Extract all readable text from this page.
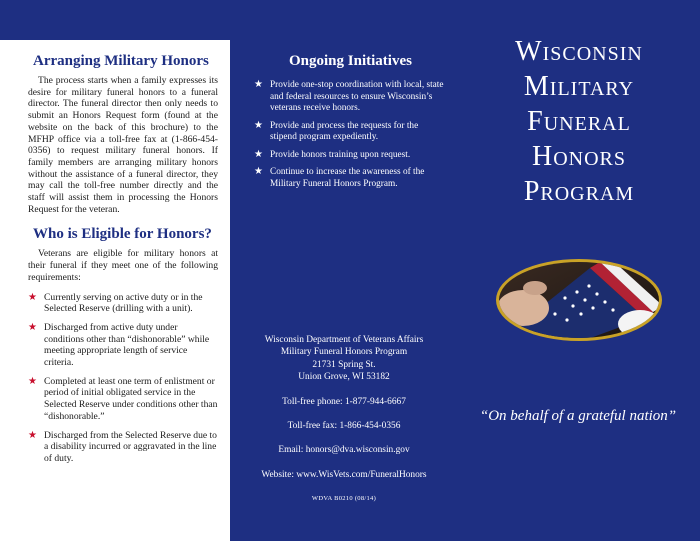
Arranging Military Honors

The process starts when a family expresses its desire for military funeral honors to a funeral director. The funeral director then only needs to submit an Honors Request form (found at the website on the back of this brochure) to the MFHP office via a toll-free fax at (1-866-454-0356) to request military funeral honors. If family members are arranging military honors without the assistance of a funeral director, they may call the toll-free number directly and the staff will assist them in processing the Honors Request for the veteran.

Who is Eligible for Honors?

Veterans are eligible for military honors at their funeral if they meet one of the following requirements:

★ Currently serving on active duty or in the Selected Reserve (drilling with a unit).
★ Discharged from active duty under conditions other than “dishonorable” while meeting appropriate length of service criteria.
★ Completed at least one term of enlistment or period of initial obligated service in the Selected Reserve under conditions other than “dishonorable.”
★ Discharged from the Selected Reserve due to a disability incurred or aggravated in the line of duty.
Ongoing Initiatives
★ Provide one-stop coordination with local, state and federal resources to ensure Wisconsin’s veterans receive honors.
★ Provide and process the requests for the stipend program expediently.
★ Provide honors training upon request.
★ Continue to increase the awareness of the Military Funeral Honors Program.

Wisconsin Department of Veterans Affairs

Military Funeral Honors Program

21731 Spring St.

Union Grove, WI 53182

Toll-free phone: 1-877-944-6667

Toll-free fax: 1-866-454-0356

Email: honors@dva.wisconsin.gov

Website: www.WisVets.com/FuneralHonors

WDVA B0210 (08/14)

Wisconsin
Military
Funeral
Honors
Program
“On behalf of a grateful nation”
